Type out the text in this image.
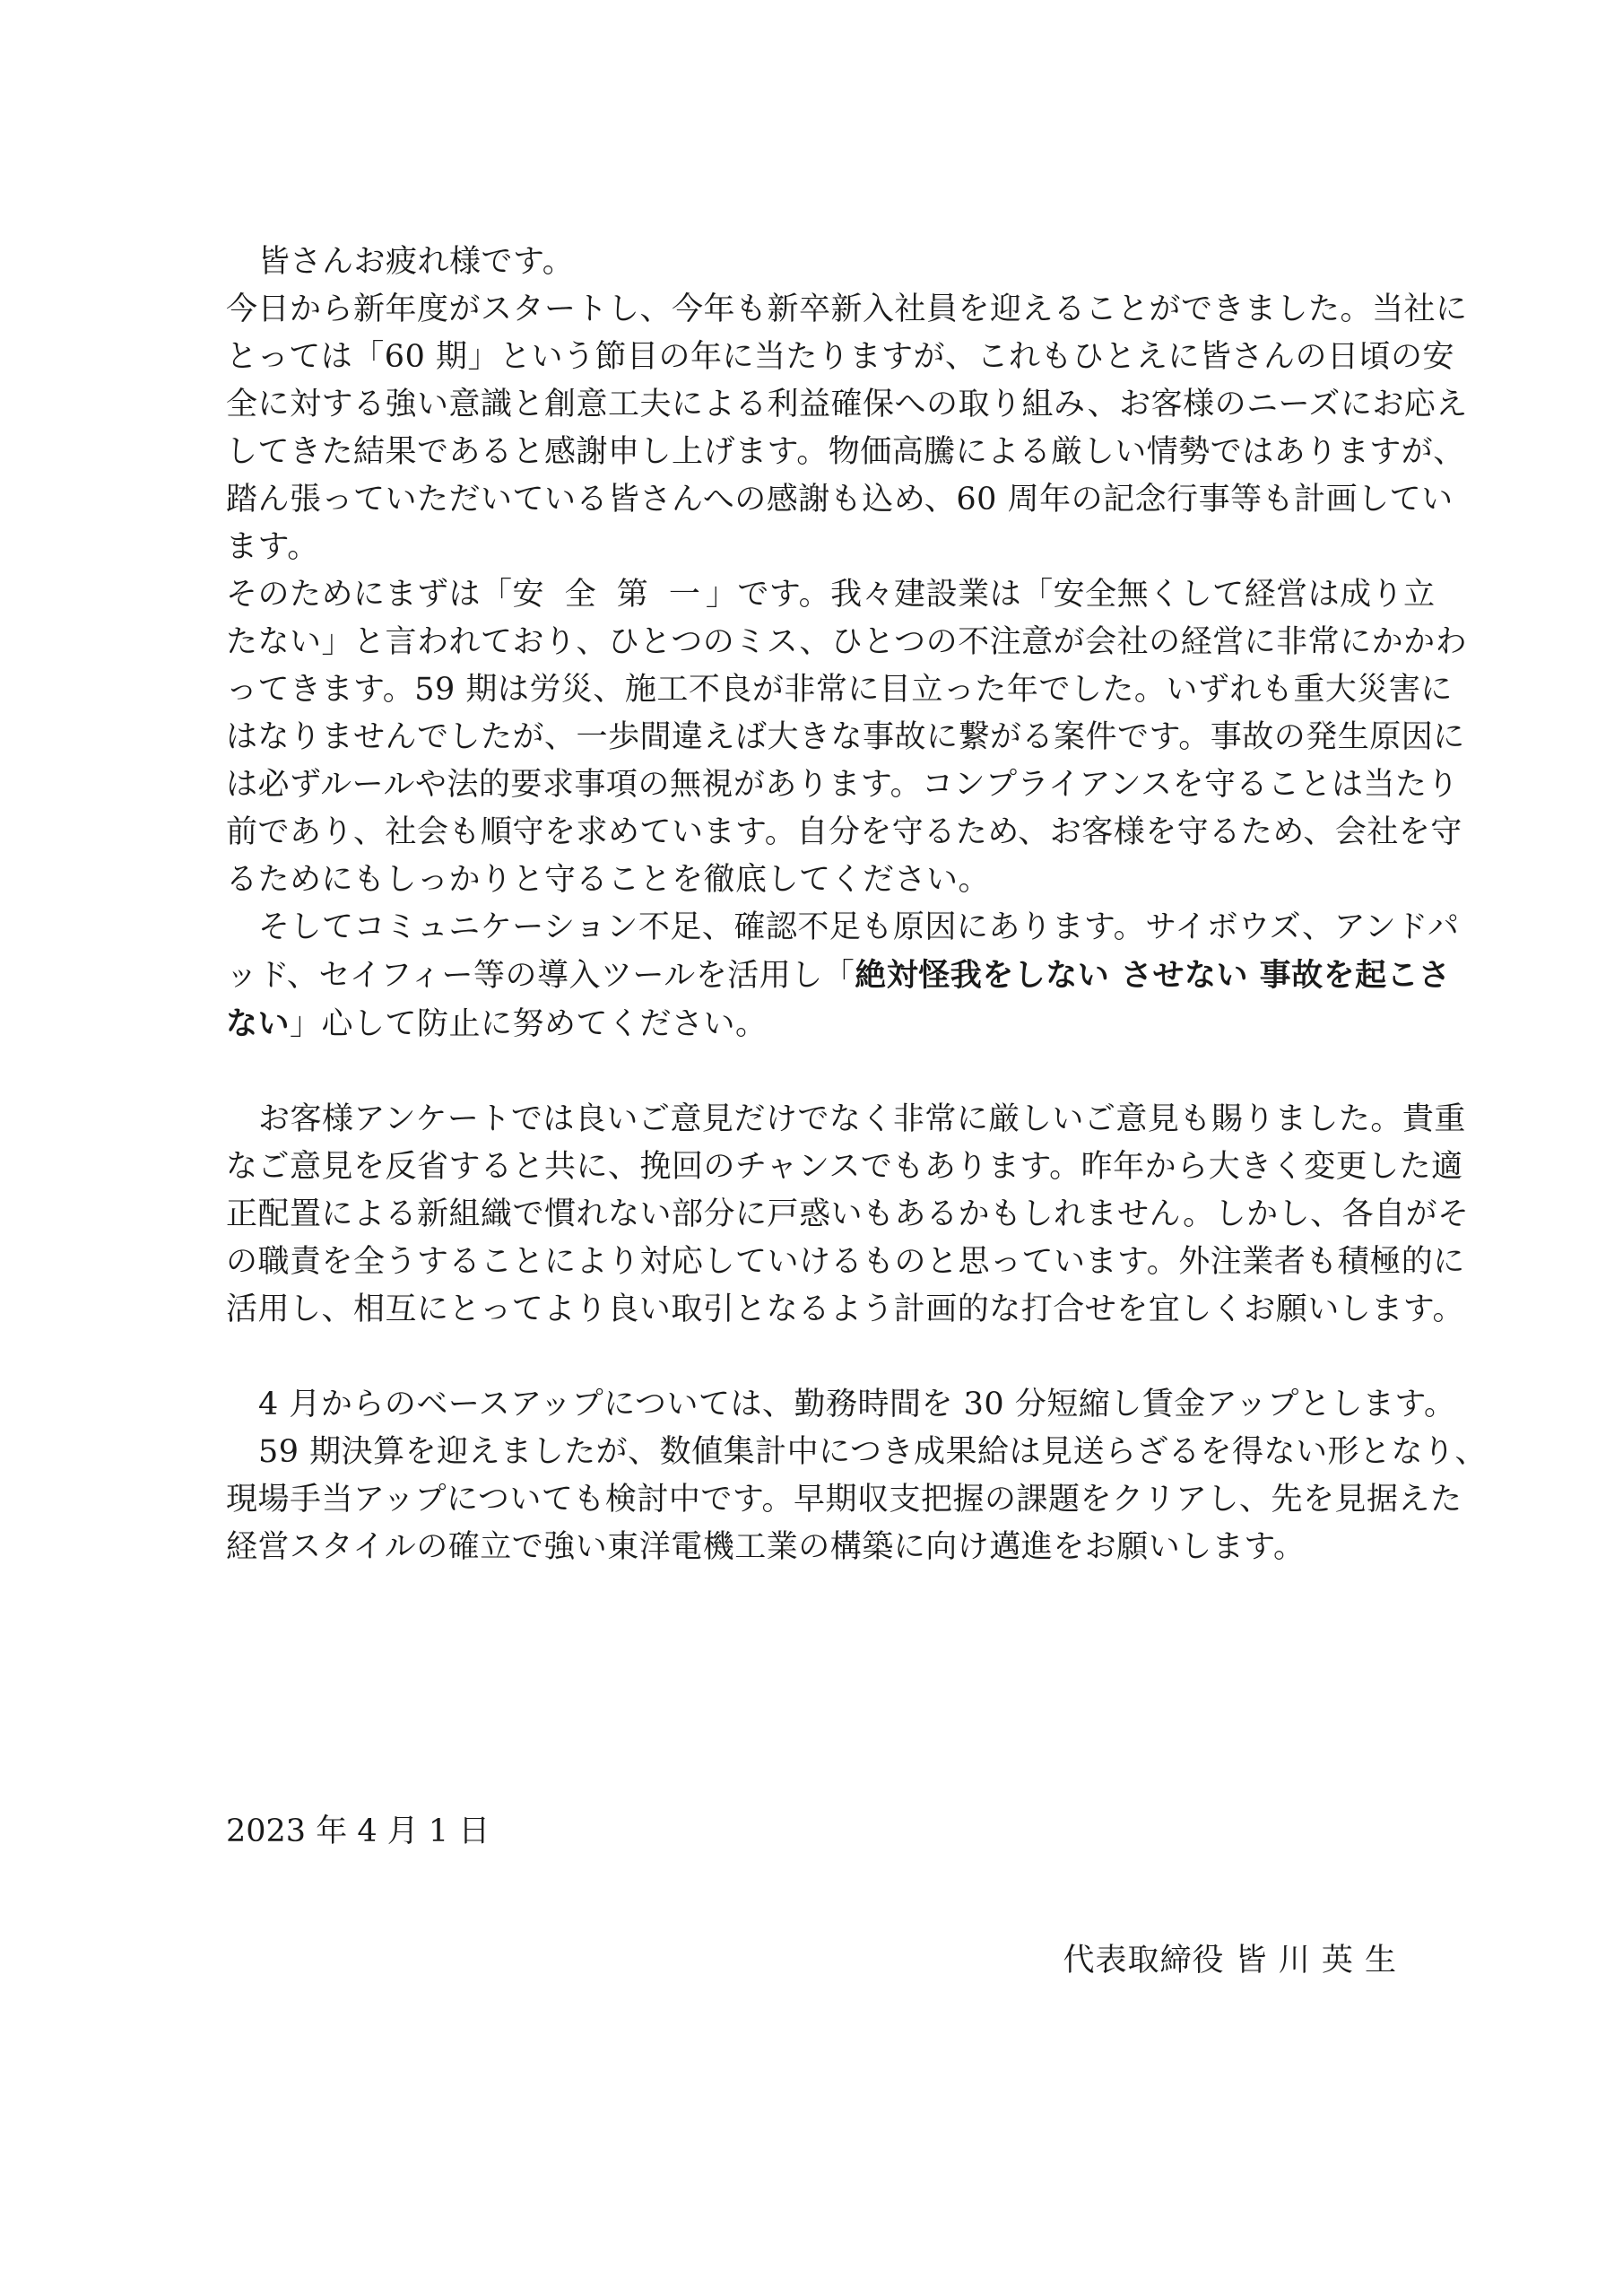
皆さんお疲れ様です。

今日から新年度がスタートし、今年も新卒新入社員を迎えることができました。当社に

とっては「60 期」という節目の年に当たりますが、これもひとえに皆さんの日頃の安

全に対する強い意識と創意工夫による利益確保への取り組み、お客様のニーズにお応え

してきた結果であると感謝申し上げます。物価高騰による厳しい情勢ではありますが、

踏ん張っていただいている皆さんへの感謝も込め、60 周年の記念行事等も計画してい

ます。

そのためにまずは「安 全 第 一」です。我々建設業は「安全無くして経営は成り立

たない」と言われており、ひとつのミス、ひとつの不注意が会社の経営に非常にかかわ

ってきます。59 期は労災、施工不良が非常に目立った年でした。いずれも重大災害に

はなりませんでしたが、一歩間違えば大きな事故に繋がる案件です。事故の発生原因に

は必ずルールや法的要求事項の無視があります。コンプライアンスを守ることは当たり

前であり、社会も順守を求めています。自分を守るため、お客様を守るため、会社を守

るためにもしっかりと守ることを徹底してください。

そしてコミュニケーション不足、確認不足も原因にあります。サイボウズ、アンドパ

ッド、セイフィー等の導入ツールを活用し「絶対怪我をしない させない 事故を起こさ

ない」心して防止に努めてください。

お客様アンケートでは良いご意見だけでなく非常に厳しいご意見も賜りました。貴重

なご意見を反省すると共に、挽回のチャンスでもあります。昨年から大きく変更した適

正配置による新組織で慣れない部分に戸惑いもあるかもしれません。しかし、各自がそ

の職責を全うすることにより対応していけるものと思っています。外注業者も積極的に

活用し、相互にとってより良い取引となるよう計画的な打合せを宜しくお願いします。

4 月からのベースアップについては、勤務時間を 30 分短縮し賃金アップとします。

59 期決算を迎えましたが、数値集計中につき成果給は見送らざるを得ない形となり、

現場手当アップについても検討中です。早期収支把握の課題をクリアし、先を見据えた

経営スタイルの確立で強い東洋電機工業の構築に向け邁進をお願いします。

2023 年 4 月 1 日
代表取締役 皆 川 英 生
